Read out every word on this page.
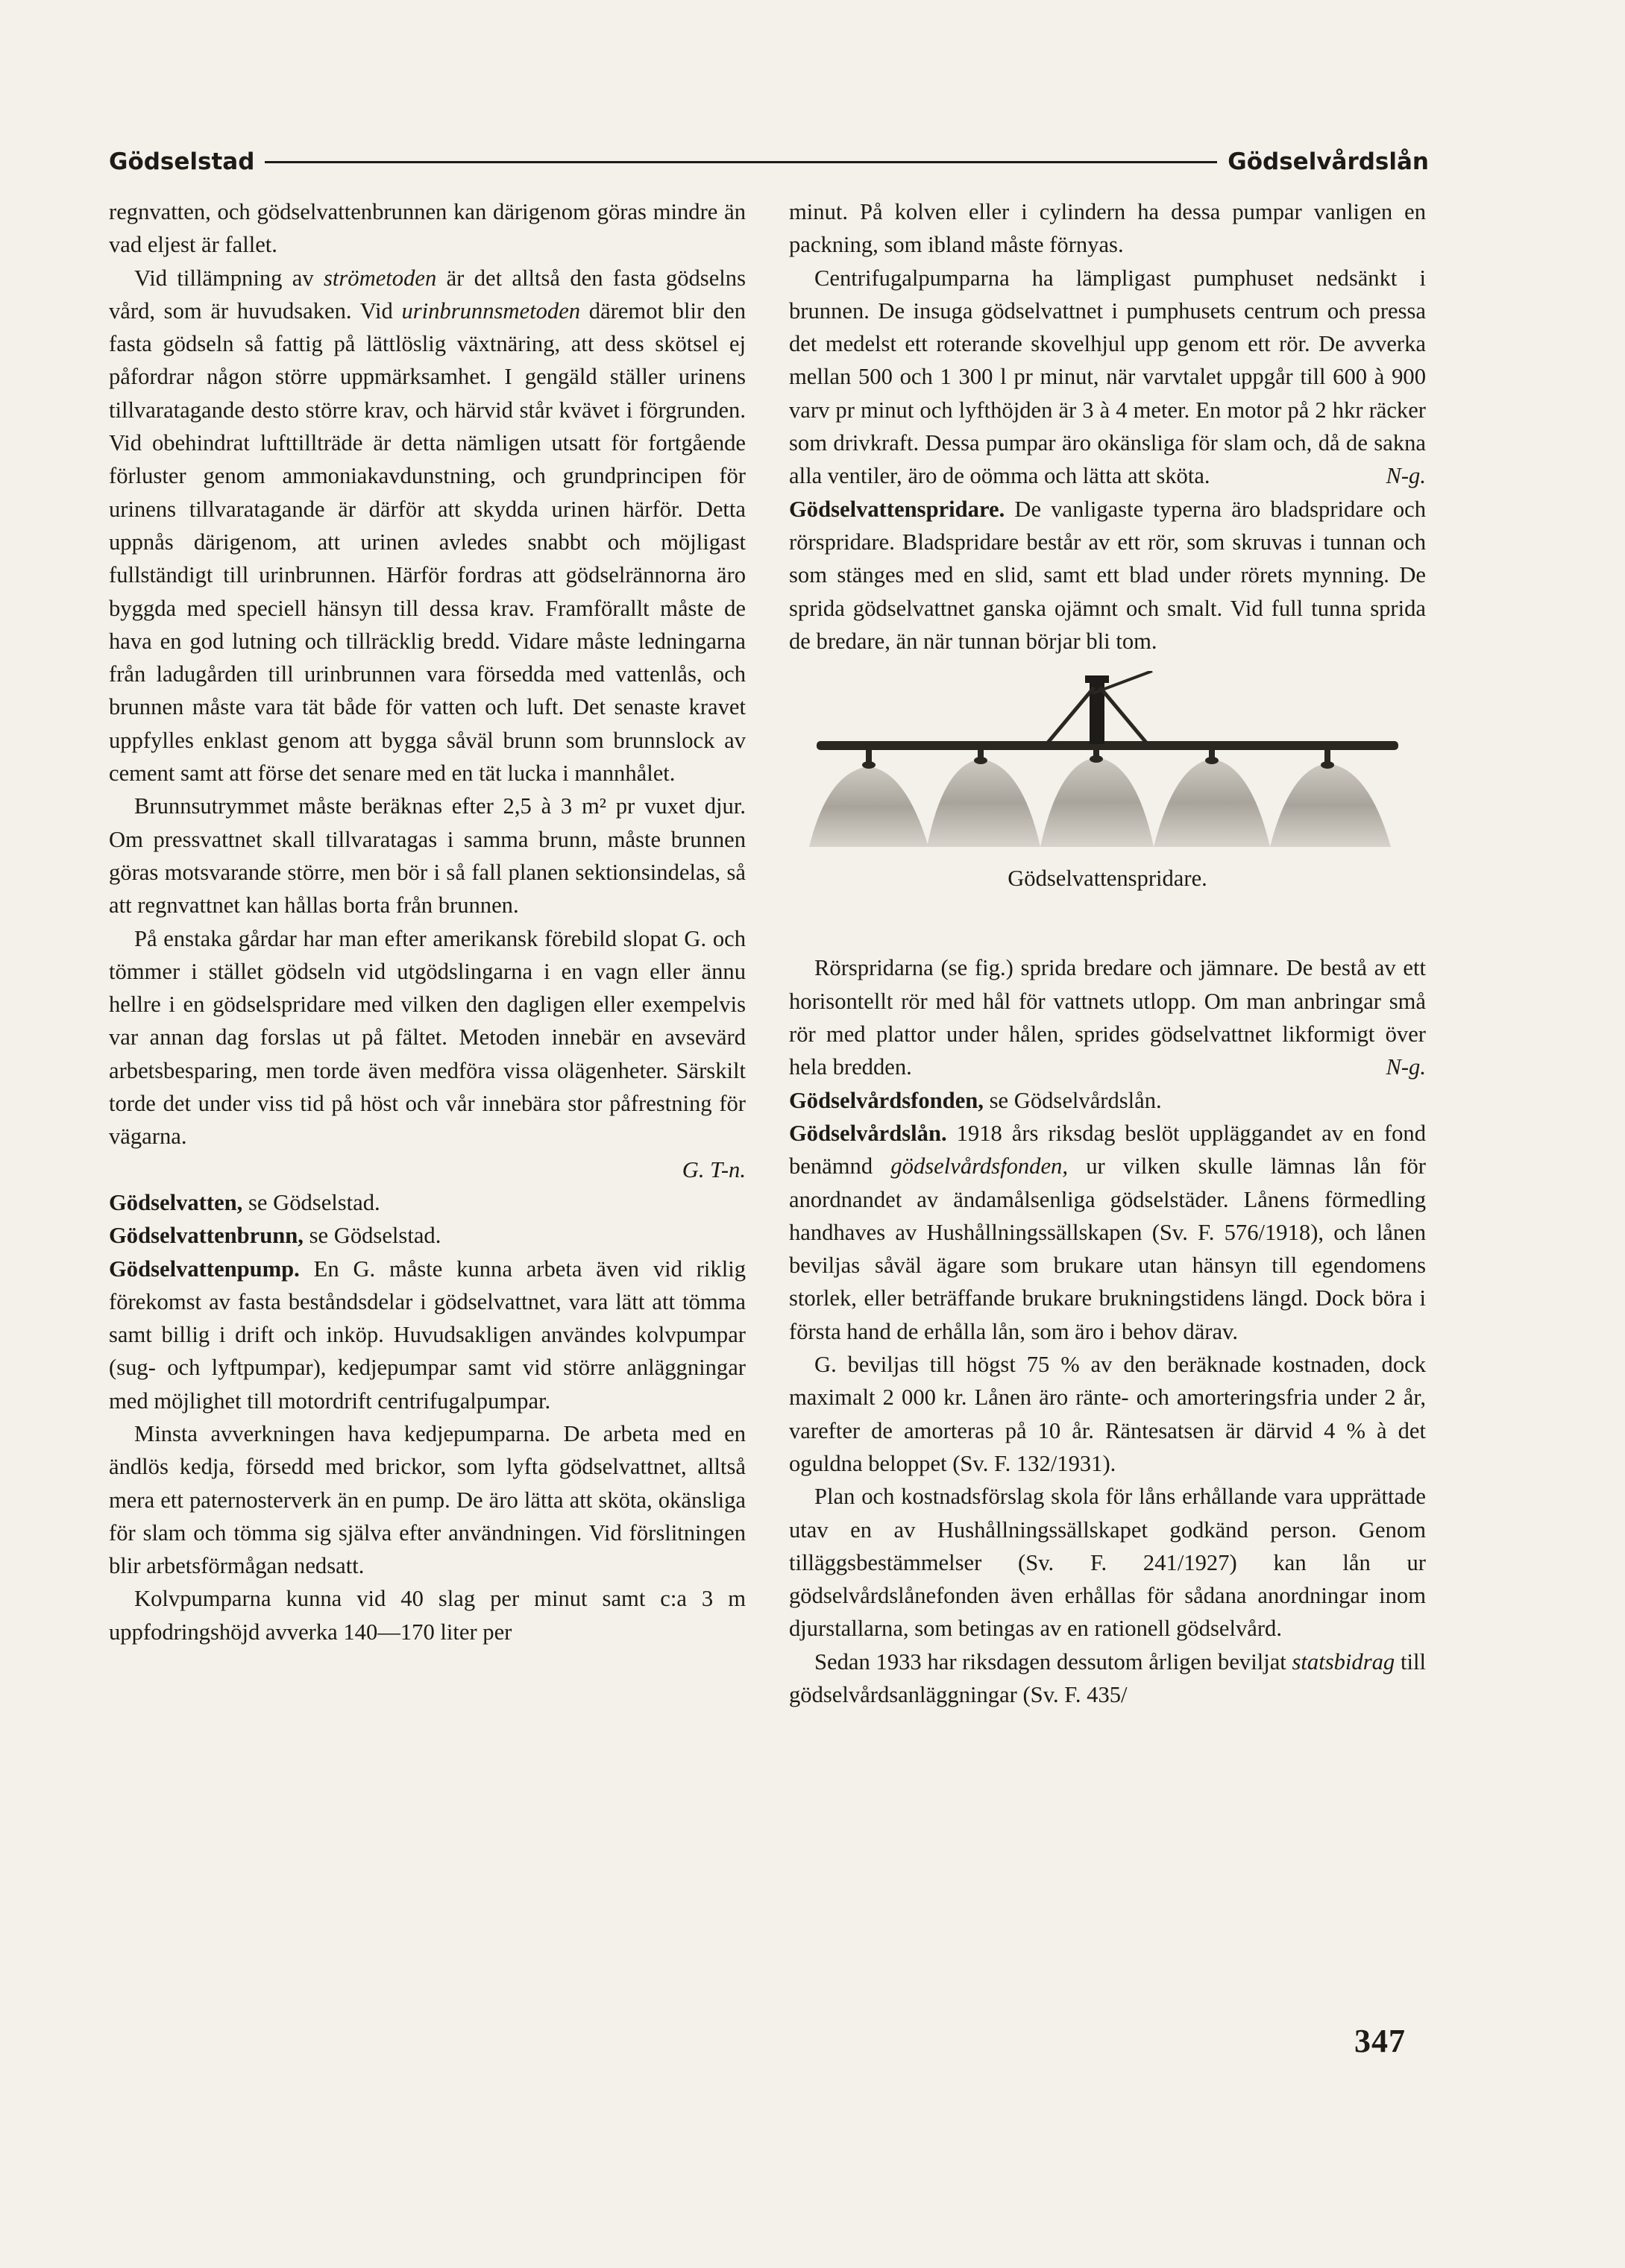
Gödselstad	Gödselvårdslån

regnvatten, och gödselvattenbrunnen kan därigenom göras mindre än vad eljest är fallet.

Vid tillämpning av strömetoden är det alltså den fasta gödselns vård, som är huvudsaken. Vid urinbrunnsmetoden däremot blir den fasta gödseln så fattig på lättlöslig växtnäring, att dess skötsel ej påfordrar någon större uppmärksamhet. I gengäld ställer urinens tillvaratagande desto större krav, och härvid står kvävet i förgrunden. Vid obehindrat lufttillträde är detta nämligen utsatt för fortgående förluster genom ammoniakavdunstning, och grundprincipen för urinens tillvaratagande är därför att skydda urinen härför. Detta uppnås därigenom, att urinen avledes snabbt och möjligast fullständigt till urinbrunnen. Härför fordras att gödselrännorna äro byggda med speciell hänsyn till dessa krav. Framförallt måste de hava en god lutning och tillräcklig bredd. Vidare måste ledningarna från ladugården till urinbrunnen vara försedda med vattenlås, och brunnen måste vara tät både för vatten och luft. Det senaste kravet uppfylles enklast genom att bygga såväl brunn som brunnslock av cement samt att förse det senare med en tät lucka i mannhålet.

Brunnsutrymmet måste beräknas efter 2,5 à 3 m² pr vuxet djur. Om pressvattnet skall tillvaratagas i samma brunn, måste brunnen göras motsvarande större, men bör i så fall planen sektionsindelas, så att regnvattnet kan hållas borta från brunnen.

På enstaka gårdar har man efter amerikansk förebild slopat G. och tömmer i stället gödseln vid utgödslingarna i en vagn eller ännu hellre i en gödselspridare med vilken den dagligen eller exempelvis var annan dag forslas ut på fältet. Metoden innebär en avsevärd arbetsbesparing, men torde även medföra vissa olägenheter. Särskilt torde det under viss tid på höst och vår innebära stor påfrestning för vägarna.

G. T-n.

Gödselvatten, se Gödselstad.

Gödselvattenbrunn, se Gödselstad.

Gödselvattenpump. En G. måste kunna arbeta även vid riklig förekomst av fasta beståndsdelar i gödselvattnet, vara lätt att tömma samt billig i drift och inköp. Huvudsakligen användes kolvpumpar (sug- och lyftpumpar), kedjepumpar samt vid större anläggningar med möjlighet till motordrift centrifugalpumpar.

Minsta avverkningen hava kedjepumparna. De arbeta med en ändlös kedja, försedd med brickor, som lyfta gödselvattnet, alltså mera ett paternosterverk än en pump. De äro lätta att sköta, okänsliga för slam och tömma sig själva efter användningen. Vid förslitningen blir arbetsförmågan nedsatt.

Kolvpumparna kunna vid 40 slag per minut samt c:a 3 m uppfodringshöjd avverka 140—170 liter per

minut. På kolven eller i cylindern ha dessa pumpar vanligen en packning, som ibland måste förnyas.

Centrifugalpumparna ha lämpligast pumphuset nedsänkt i brunnen. De insuga gödselvattnet i pumphusets centrum och pressa det medelst ett roterande skovelhjul upp genom ett rör. De avverka mellan 500 och 1 300 l pr minut, när varvtalet uppgår till 600 à 900 varv pr minut och lyfthöjden är 3 à 4 meter. En motor på 2 hkr räcker som drivkraft. Dessa pumpar äro okänsliga för slam och, då de sakna alla ventiler, äro de oömma och lätta att sköta.	N-g.

Gödselvattenspridare. De vanligaste typerna äro bladspridare och rörspridare. Bladspridare består av ett rör, som skruvas i tunnan och som stänges med en slid, samt ett blad under rörets mynning. De sprida gödselvattnet ganska ojämnt och smalt. Vid full tunna sprida de bredare, än när tunnan börjar bli tom.

Gödselvattenspridare.

Rörspridarna (se fig.) sprida bredare och jämnare. De bestå av ett horisontellt rör med hål för vattnets utlopp. Om man anbringar små rör med plattor under hålen, sprides gödselvattnet likformigt över hela bredden.	N-g.

Gödselvårdsfonden, se Gödselvårdslån.

Gödselvårdslån. 1918 års riksdag beslöt uppläggandet av en fond benämnd gödselvårdsfonden, ur vilken skulle lämnas lån för anordnandet av ändamålsenliga gödselstäder. Lånens förmedling handhaves av Hushållningssällskapen (Sv. F. 576/1918), och lånen beviljas såväl ägare som brukare utan hänsyn till egendomens storlek, eller beträffande brukare brukningstidens längd. Dock böra i första hand de erhålla lån, som äro i behov därav.

G. beviljas till högst 75 % av den beräknade kostnaden, dock maximalt 2 000 kr. Lånen äro ränte- och amorteringsfria under 2 år, varefter de amorteras på 10 år. Räntesatsen är därvid 4 % à det oguldna beloppet (Sv. F. 132/1931).

Plan och kostnadsförslag skola för låns erhållande vara upprättade utav en av Hushållningssällskapet godkänd person. Genom tilläggsbestämmelser (Sv. F. 241/1927) kan lån ur gödselvårdslånefonden även erhållas för sådana anordningar inom djurstallarna, som betingas av en rationell gödselvård.

Sedan 1933 har riksdagen dessutom årligen beviljat statsbidrag till gödselvårdsanläggningar (Sv. F. 435/

347
